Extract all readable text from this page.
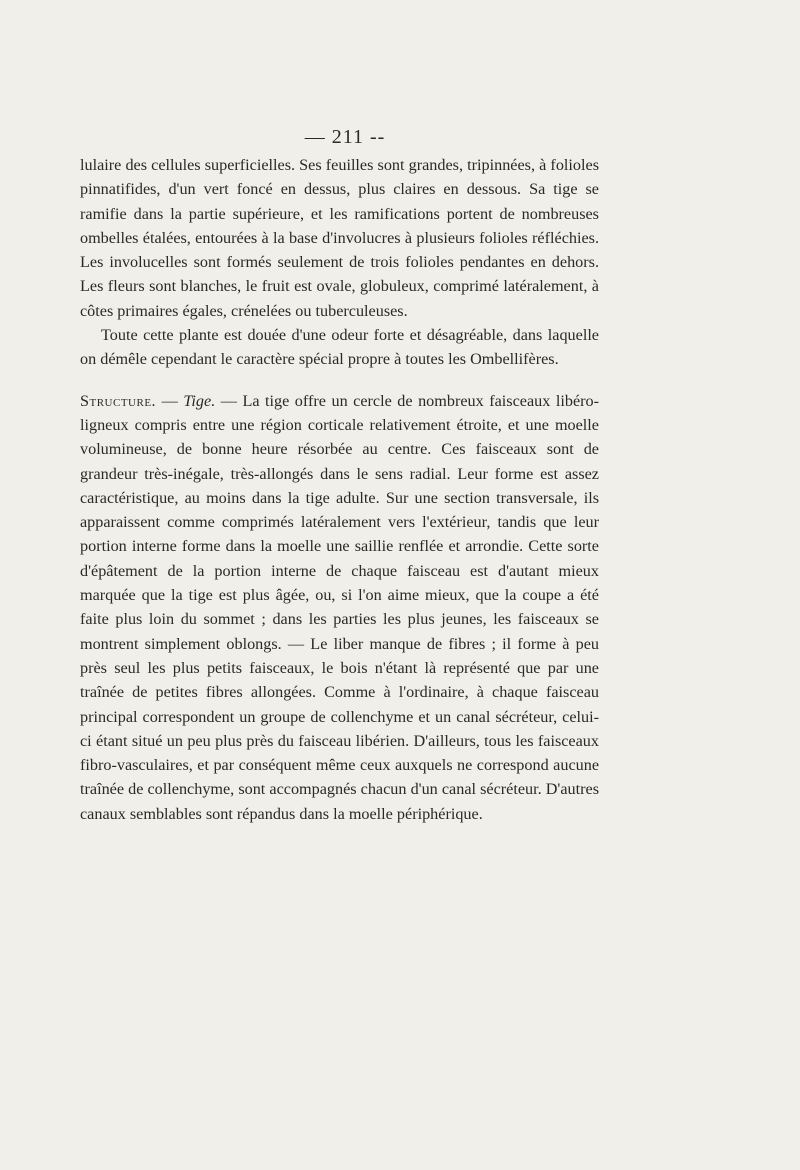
— 211 --

lulaire des cellules superficielles. Ses feuilles sont grandes, tripinnées, à folioles pinnatifides, d'un vert foncé en dessus, plus claires en dessous. Sa tige se ramifie dans la partie supérieure, et les ramifications portent de nombreuses ombelles étalées, entourées à la base d'involucres à plusieurs folioles réfléchies. Les involucelles sont formés seulement de trois folioles pendantes en dehors. Les fleurs sont blanches, le fruit est ovale, globuleux, comprimé latéralement, à côtes primaires égales, crénelées ou tuberculeuses.

Toute cette plante est douée d'une odeur forte et désagréable, dans laquelle on démêle cependant le caractère spécial propre à toutes les Ombellifères.

Structure. — Tige. — La tige offre un cercle de nombreux faisceaux libéro-ligneux compris entre une région corticale relativement étroite, et une moelle volumineuse, de bonne heure résorbée au centre. Ces faisceaux sont de grandeur très-inégale, très-allongés dans le sens radial. Leur forme est assez caractéristique, au moins dans la tige adulte. Sur une section transversale, ils apparaissent comme comprimés latéralement vers l'extérieur, tandis que leur portion interne forme dans la moelle une saillie renflée et arrondie. Cette sorte d'épâtement de la portion interne de chaque faisceau est d'autant mieux marquée que la tige est plus âgée, ou, si l'on aime mieux, que la coupe a été faite plus loin du sommet ; dans les parties les plus jeunes, les faisceaux se montrent simplement oblongs. — Le liber manque de fibres ; il forme à peu près seul les plus petits faisceaux, le bois n'étant là représenté que par une traînée de petites fibres allongées. Comme à l'ordinaire, à chaque faisceau principal correspondent un groupe de collenchyme et un canal sécréteur, celui-ci étant situé un peu plus près du faisceau libérien. D'ailleurs, tous les faisceaux fibro-vasculaires, et par conséquent même ceux auxquels ne correspond aucune traînée de collenchyme, sont accompagnés chacun d'un canal sécréteur. D'autres canaux semblables sont répandus dans la moelle périphérique.
